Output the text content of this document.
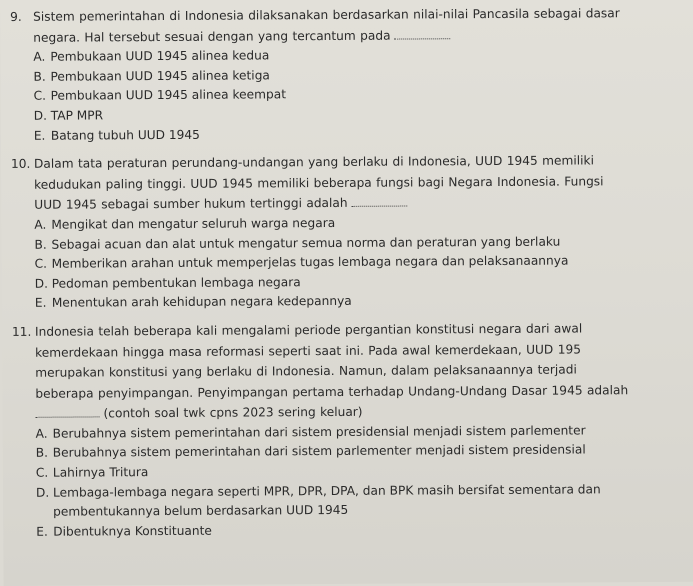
9. Sistem pemerintahan di Indonesia dilaksanakan berdasarkan nilai-nilai Pancasila sebagai dasar
negara. Hal tersebut sesuai dengan yang tercantum pada
A. Pembukaan UUD 1945 alinea kedua
B. Pembukaan UUD 1945 alinea ketiga
C. Pembukaan UUD 1945 alinea keempat
D. TAP MPR
E. Batang tubuh UUD 1945
10. Dalam tata peraturan perundang-undangan yang berlaku di Indonesia, UUD 1945 memiliki
kedudukan paling tinggi. UUD 1945 memiliki beberapa fungsi bagi Negara Indonesia. Fungsi
UUD 1945 sebagai sumber hukum tertinggi adalah
A. Mengikat dan mengatur seluruh warga negara
B. Sebagai acuan dan alat untuk mengatur semua norma dan peraturan yang berlaku
C. Memberikan arahan untuk memperjelas tugas lembaga negara dan pelaksanaannya
D. Pedoman pembentukan lembaga negara
E. Menentukan arah kehidupan negara kedepannya
11. Indonesia telah beberapa kali mengalami periode pergantian konstitusi negara dari awal
kemerdekaan hingga masa reformasi seperti saat ini. Pada awal kemerdekaan, UUD 195
merupakan konstitusi yang berlaku di Indonesia. Namun, dalam pelaksanaannya terjadi
beberapa penyimpangan. Penyimpangan pertama terhadap Undang-Undang Dasar 1945 adalah
(contoh soal twk cpns 2023 sering keluar)
A. Berubahnya sistem pemerintahan dari sistem presidensial menjadi sistem parlementer
B. Berubahnya sistem pemerintahan dari sistem parlementer menjadi sistem presidensial
C. Lahirnya Tritura
D. Lembaga-lembaga negara seperti MPR, DPR, DPA, dan BPK masih bersifat sementara dan
pembentukannya belum berdasarkan UUD 1945
E. Dibentuknya Konstituante
